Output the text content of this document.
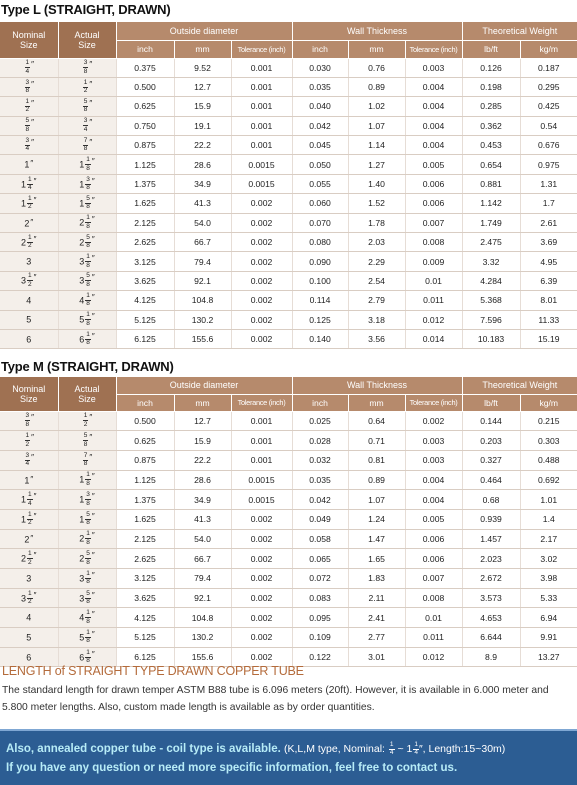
Type L (STRAIGHT, DRAWN)
Nominal
Size	Actual
Size	Outside diameter			Wall Thickness			Theoretical Weight	
		inch	mm	Tolerance (inch)	inch	mm	Tolerance (inch)	lb/ft	kg/m

$\frac{1}{4}$ ″	$\frac{3}{8}$ ″	0.375	9.52	0.001	0.030	0.76	0.003	0.126	0.187

$\frac{3}{8}$ ″	$\frac{1}{2}$ ″	0.500	12.7	0.001	0.035	0.89	0.004	0.198	0.295

$\frac{1}{2}$ ″	$\frac{5}{8}$ ″	0.625	15.9	0.001	0.040	1.02	0.004	0.285	0.425

$\frac{5}{8}$ ″	$\frac{3}{4}$ ″	0.750	19.1	0.001	0.042	1.07	0.004	0.362	0.54

$\frac{3}{4}$ ″	$\frac{7}{8}$ ″	0.875	22.2	0.001	0.045	1.14	0.004	0.453	0.676
1″	$1 \frac{1}{8}$ ″	1.125	28.6	0.0015	0.050	1.27	0.005	0.654	0.975
$1 \frac{1}{4}$ ″	$1 \frac{3}{8}$ ″	1.375	34.9	0.0015	0.055	1.40	0.006	0.881	1.31
$1 \frac{1}{2}$ ″	$1 \frac{5}{8}$ ″	1.625	41.3	0.002	0.060	1.52	0.006	1.142	1.7
2″	$2 \frac{1}{8}$ ″	2.125	54.0	0.002	0.070	1.78	0.007	1.749	2.61
$2 \frac{1}{2}$ ″	$2 \frac{5}{8}$ ″	2.625	66.7	0.002	0.080	2.03	0.008	2.475	3.69
3	$3 \frac{1}{8}$ ″	3.125	79.4	0.002	0.090	2.29	0.009	3.32	4.95
$3 \frac{1}{2}$ ″	$3 \frac{5}{8}$ ″	3.625	92.1	0.002	0.100	2.54	0.01	4.284	6.39
4	$4 \frac{1}{8}$ ″	4.125	104.8	0.002	0.114	2.79	0.011	5.368	8.01
5	$5 \frac{1}{8}$ ″	5.125	130.2	0.002	0.125	3.18	0.012	7.596	11.33
6	$6 \frac{1}{8}$ ″	6.125	155.6	0.002	0.140	3.56	0.014	10.183	15.19
Type M (STRAIGHT, DRAWN)
Nominal
Size	Actual
Size	Outside diameter			Wall Thickness			Theoretical Weight	
		inch	mm	Tolerance (inch)	inch	mm	Tolerance (inch)	lb/ft	kg/m

$\frac{3}{8}$ ″	$\frac{1}{2}$ ″	0.500	12.7	0.001	0.025	0.64	0.002	0.144	0.215

$\frac{1}{2}$ ″	$\frac{5}{8}$ ″	0.625	15.9	0.001	0.028	0.71	0.003	0.203	0.303

$\frac{3}{4}$ ″	$\frac{7}{8}$ ″	0.875	22.2	0.001	0.032	0.81	0.003	0.327	0.488
1″	$1 \frac{1}{8}$ ″	1.125	28.6	0.0015	0.035	0.89	0.004	0.464	0.692
$1 \frac{1}{4}$ ″	$1 \frac{3}{8}$ ″	1.375	34.9	0.0015	0.042	1.07	0.004	0.68	1.01
$1 \frac{1}{2}$ ″	$1 \frac{5}{8}$ ″	1.625	41.3	0.002	0.049	1.24	0.005	0.939	1.4
2″	$2 \frac{1}{8}$ ″	2.125	54.0	0.002	0.058	1.47	0.006	1.457	2.17
$2 \frac{1}{2}$ ″	$2 \frac{5}{8}$ ″	2.625	66.7	0.002	0.065	1.65	0.006	2.023	3.02
3	$3 \frac{1}{8}$ ″	3.125	79.4	0.002	0.072	1.83	0.007	2.672	3.98
$3 \frac{1}{2}$ ″	$3 \frac{5}{8}$ ″	3.625	92.1	0.002	0.083	2.11	0.008	3.573	5.33
4	$4 \frac{1}{8}$ ″	4.125	104.8	0.002	0.095	2.41	0.01	4.653	6.94
5	$5 \frac{1}{8}$ ″	5.125	130.2	0.002	0.109	2.77	0.011	6.644	9.91
6	$6 \frac{1}{8}$ ″	6.125	155.6	0.002	0.122	3.01	0.012	8.9	13.27
LENGTH of STRAIGHT TYPE DRAWN COPPER TUBE
The standard length for drawn temper ASTM B88 tube is 6.096 meters (20ft). However, it is available in 6.000 meter and 5.800 meter lengths. Also, custom made length is available as by order quantities.
Also, annealed copper tube - coil type is available. (K,L,M type, Nominal: $\frac{1}{4}$ ~ $1 \frac{1}{4}$ ″, Length:15~30m)
If you have any question or need more specific information, feel free to contact us.
